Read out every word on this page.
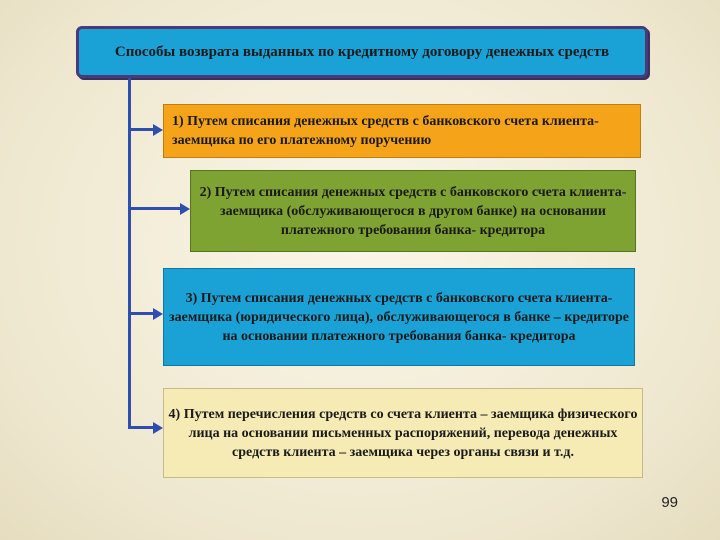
Способы возврата выданных по кредитному договору денежных средств
1) Путем списания денежных средств с банковского счета клиента- заемщика по его платежному поручению
2) Путем списания денежных средств с банковского счета клиента- заемщика (обслуживающегося в другом банке) на основании платежного требования банка- кредитора
3) Путем списания денежных средств с банковского счета клиента- заемщика (юридического лица), обслуживающегося в банке – кредиторе на основании платежного требования банка- кредитора
4) Путем перечисления средств со счета клиента – заемщика физического лица на основании письменных распоряжений, перевода денежных средств клиента – заемщика через органы связи и т.д.
99
